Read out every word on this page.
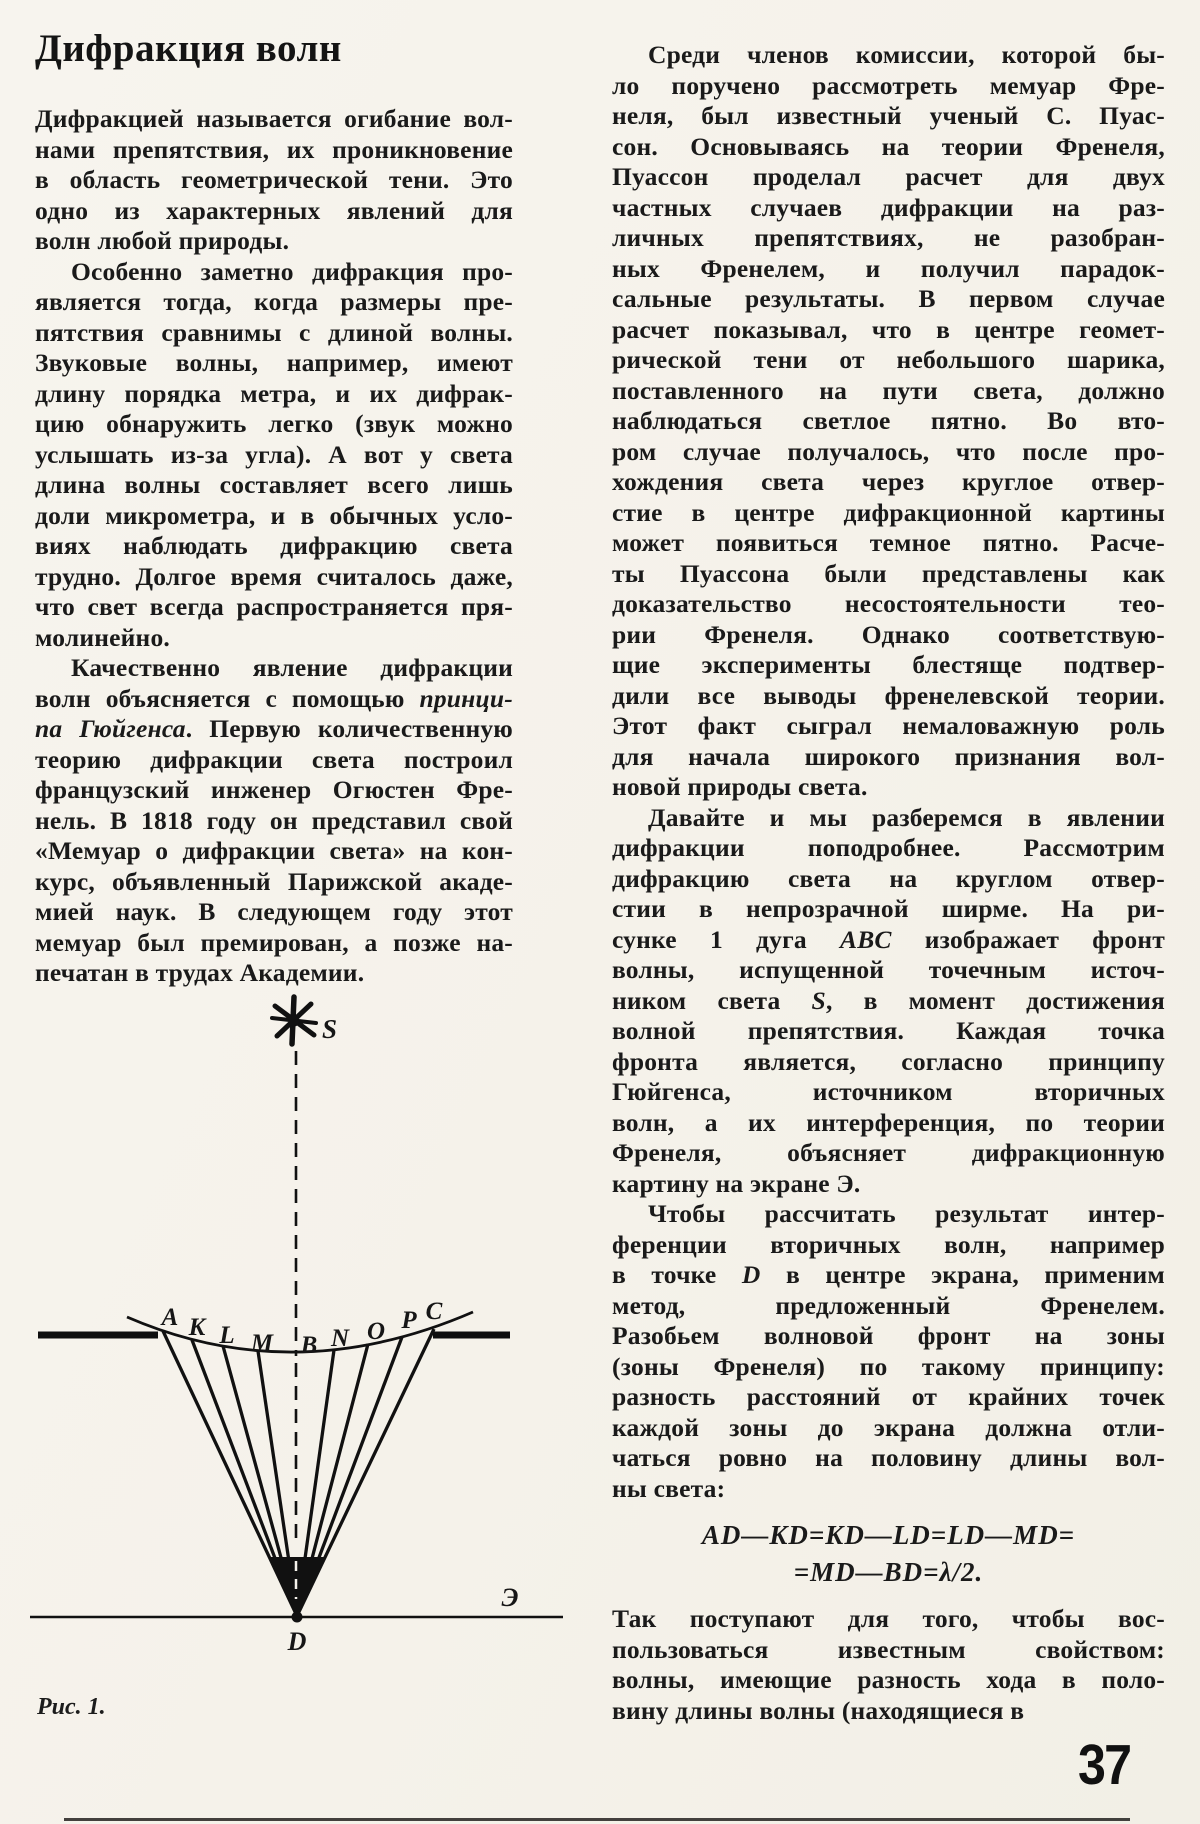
Дифракция волн
Дифракцией называется огибание вол-
нами препятствия, их проникновение
в область геометрической тени. Это
одно из характерных явлений для
волн любой природы.
Особенно заметно дифракция про-
является тогда, когда размеры пре-
пятствия сравнимы с длиной волны.
Звуковые волны, например, имеют
длину порядка метра, и их дифрак-
цию обнаружить легко (звук можно
услышать из-за угла). А вот у света
длина волны составляет всего лишь
доли микрометра, и в обычных усло-
виях наблюдать дифракцию света
трудно. Долгое время считалось даже,
что свет всегда распространяется пря-
молинейно.
Качественно явление дифракции
волн объясняется с помощью принци-
па Гюйгенса. Первую количественную
теорию дифракции света построил
французский инженер Огюстен Фре-
нель. В 1818 году он представил свой
«Мемуар о дифракции света» на кон-
курс, объявленный Парижской акаде-
мией наук. В следующем году этот
мемуар был премирован, а позже на-
печатан в трудах Академии.
Среди членов комиссии, которой бы-
ло поручено рассмотреть мемуар Фре-
неля, был известный ученый С. Пуас-
сон. Основываясь на теории Френеля,
Пуассон проделал расчет для двух
частных случаев дифракции на раз-
личных препятствиях, не разобран-
ных Френелем, и получил парадок-
сальные результаты. В первом случае
расчет показывал, что в центре геомет-
рической тени от небольшого шарика,
поставленного на пути света, должно
наблюдаться светлое пятно. Во вто-
ром случае получалось, что после про-
хождения света через круглое отвер-
стие в центре дифракционной картины
может появиться темное пятно. Расче-
ты Пуассона были представлены как
доказательство несостоятельности тео-
рии Френеля. Однако соответствую-
щие эксперименты блестяще подтвер-
дили все выводы френелевской теории.
Этот факт сыграл немаловажную роль
для начала широкого признания вол-
новой природы света.
Давайте и мы разберемся в явлении
дифракции поподробнее. Рассмотрим
дифракцию света на круглом отвер-
стии в непрозрачной ширме. На ри-
сунке 1 дуга ABC изображает фронт
волны, испущенной точечным источ-
ником света S, в момент достижения
волной препятствия. Каждая точка
фронта является, согласно принципу
Гюйгенса, источником вторичных
волн, а их интерференция, по теории
Френеля, объясняет дифракционную
картину на экране Э.
Чтобы рассчитать результат интер-
ференции вторичных волн, например
в точке D в центре экрана, применим
метод, предложенный Френелем.
Разобьем волновой фронт на зоны
(зоны Френеля) по такому принципу:
разность расстояний от крайних точек
каждой зоны до экрана должна отли-
чаться ровно на половину длины вол-
ны света:
AD—KD=KD—LD=LD—MD=
=MD—BD=λ/2.
Так поступают для того, чтобы вос-
пользоваться известным свойством:
волны, имеющие разность хода в поло-
вину длины волны (находящиеся в
S
A K L M B N O P C
Э
D
Рис. 1.
37
